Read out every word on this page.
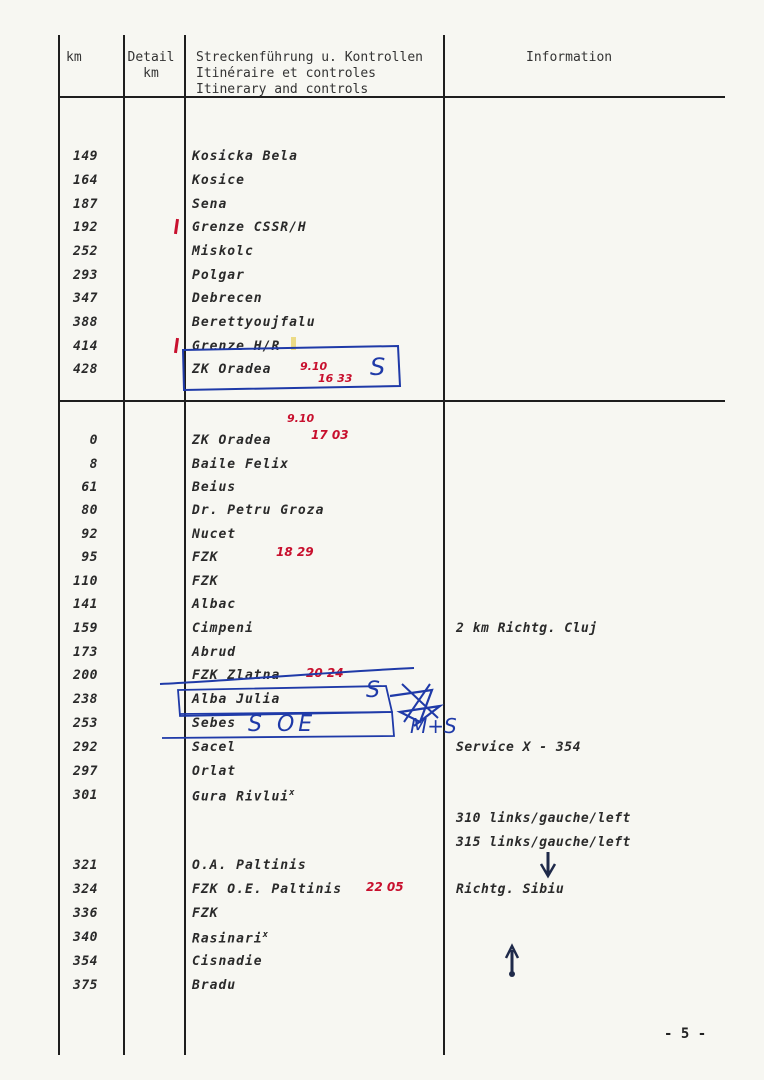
km	Detail
km
Streckenführung u. Kontrollen
Itinéraire et controles
Itinerary and controls
Information
149	Kosicka Bela
164	Kosice
187	Sena
192	Grenze CSSR/H
252	Miskolc
293	Polgar
347	Debrecen
388	Berettyoujfalu
414	Grenze H/R
428	ZK Oradea
0	ZK Oradea
8	Baile Felix
61	Beius
80	Dr. Petru Groza
92	Nucet
95	FZK
110	FZK
141	Albac
159	Cimpeni	2 km Richtg. Cluj
173	Abrud
200	FZK Zlatna
238	Alba Julia
253	Sebes
292	Sacel	Service X - 354
297	Orlat
301	Gura Rivlui$^x$
310 links/gauche/left
315 links/gauche/left
321	O.A. Paltinis
324	FZK O.E. Paltinis	Richtg. Sibiu
336	FZK
340	Rasinari$^x$
354	Cisnadie
375	Bradu
9.10
16 33 S
9.10
17 03
18 29
20 24
22 05
S
S OE	M+S
- 5 -
